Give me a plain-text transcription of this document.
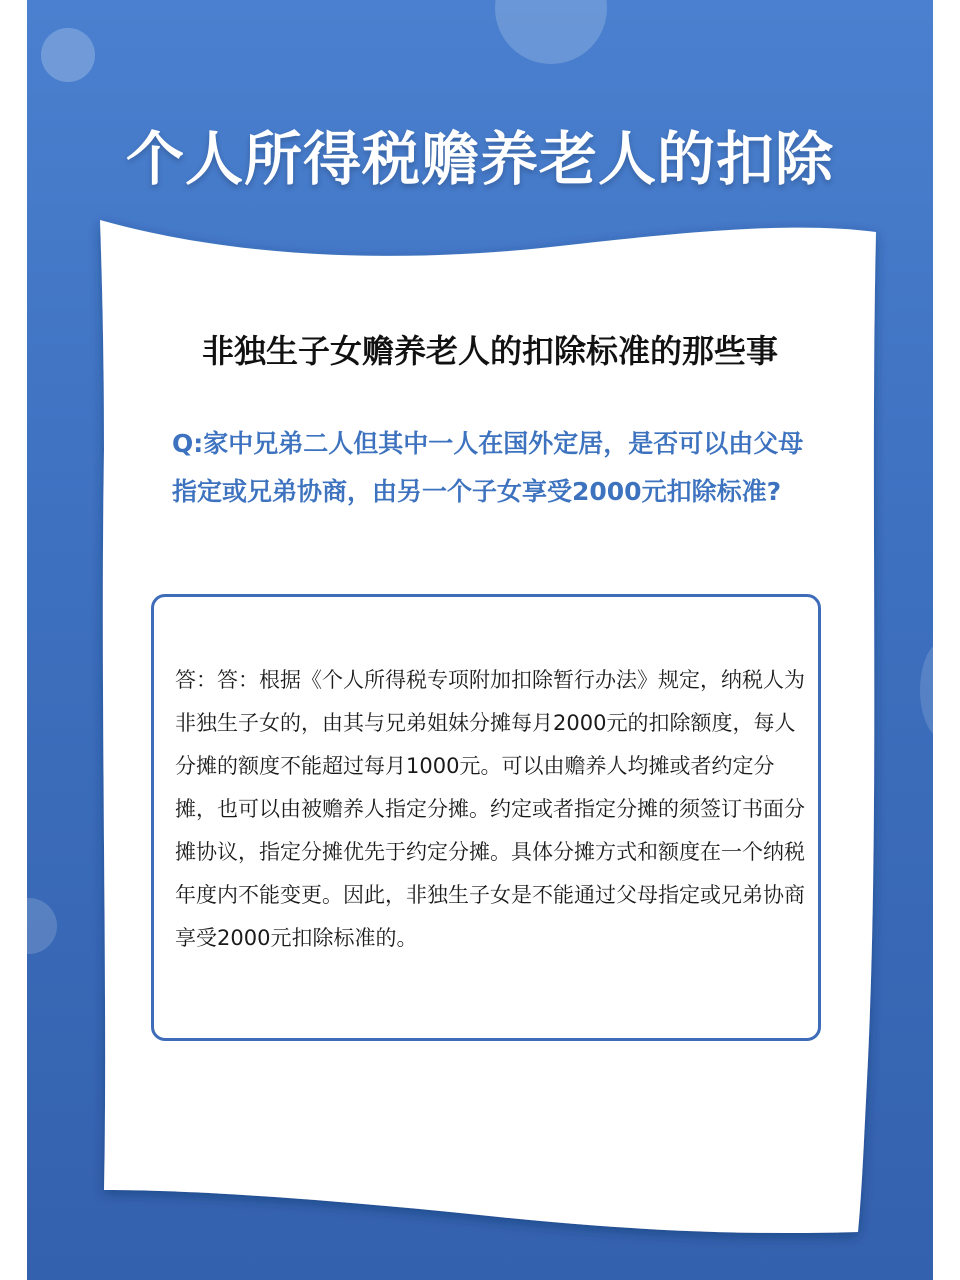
个人所得税赡养老人的扣除
非独生子女赡养老人的扣除标准的那些事
Q:家中兄弟二人但其中一人在国外定居，是否可以由父母指定或兄弟协商，由另一个子女享受2000元扣除标准?
答：答：根据《个人所得税专项附加扣除暂行办法》规定，纳税人为非独生子女的，由其与兄弟姐妹分摊每月2000元的扣除额度，每人分摊的额度不能超过每月1000元。可以由赡养人均摊或者约定分摊，也可以由被赡养人指定分摊。约定或者指定分摊的须签订书面分摊协议，指定分摊优先于约定分摊。具体分摊方式和额度在一个纳税年度内不能变更。因此，非独生子女是不能通过父母指定或兄弟协商享受2000元扣除标准的。
